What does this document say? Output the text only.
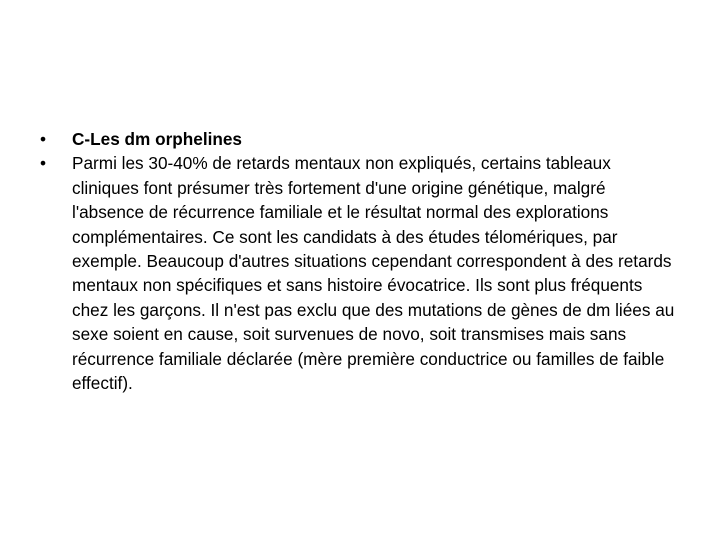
•	C-Les dm orphelines
•	Parmi les 30-40% de retards mentaux non expliqués, certains tableaux cliniques font présumer très fortement d'une origine génétique, malgré l'absence de récurrence familiale et le résultat normal des explorations complémentaires. Ce sont les candidats à des études télomériques, par exemple. Beaucoup d'autres situations cependant correspondent à des retards mentaux non spécifiques et sans histoire évocatrice. Ils sont plus fréquents chez les garçons. Il n'est pas exclu que des mutations de gènes de dm liées au sexe soient en cause, soit survenues de novo, soit transmises mais sans récurrence familiale déclarée (mère première conductrice ou familles de faible effectif).
